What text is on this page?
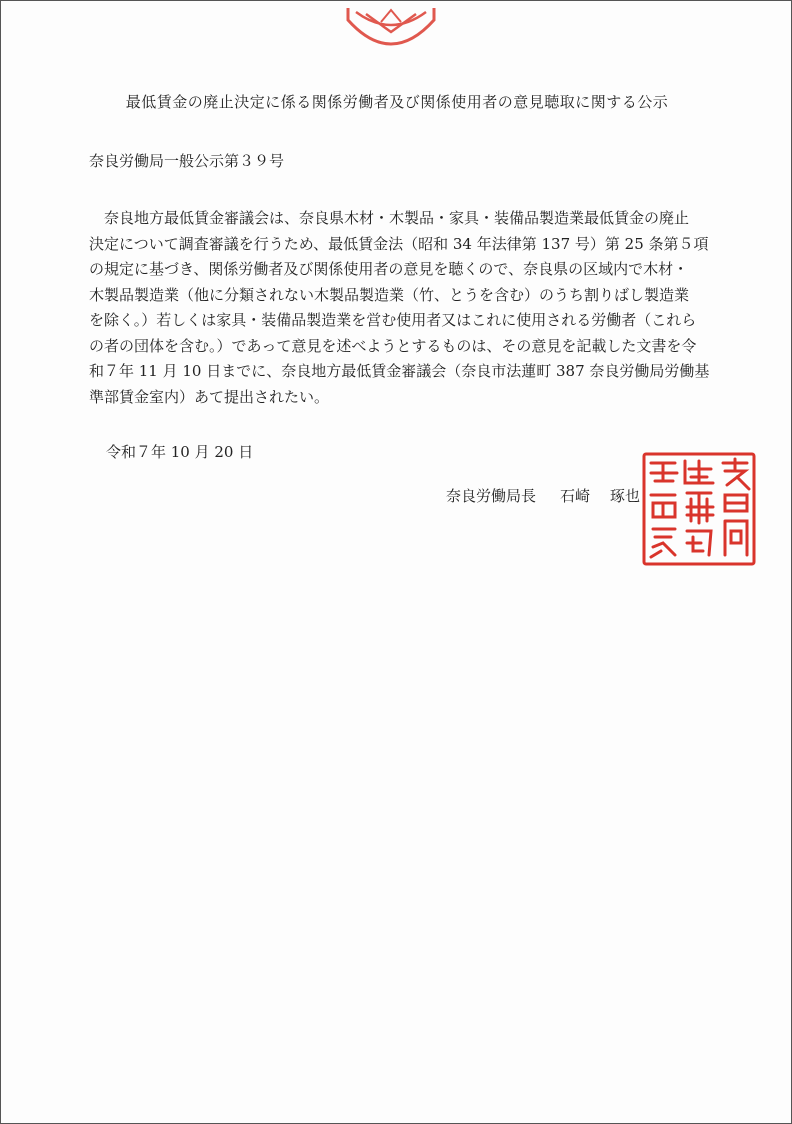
最低賃金の廃止決定に係る関係労働者及び関係使用者の意見聴取に関する公示
奈良労働局一般公示第３９号
　奈良地方最低賃金審議会は、奈良県木材・木製品・家具・装備品製造業最低賃金の廃止
決定について調査審議を行うため、最低賃金法（昭和 34 年法律第 137 号）第 25 条第５項
の規定に基づき、関係労働者及び関係使用者の意見を聴くので、奈良県の区域内で木材・
木製品製造業（他に分類されない木製品製造業（竹、とうを含む）のうち割りばし製造業
を除く。）若しくは家具・装備品製造業を営む使用者又はこれに使用される労働者（これら
の者の団体を含む。）であって意見を述べようとするものは、その意見を記載した文書を令
和７年 11 月 10 日までに、奈良地方最低賃金審議会（奈良市法蓮町 387 奈良労働局労働基
準部賃金室内）あて提出されたい。
令和７年 10 月 20 日
奈良労働局長 石崎 琢也
